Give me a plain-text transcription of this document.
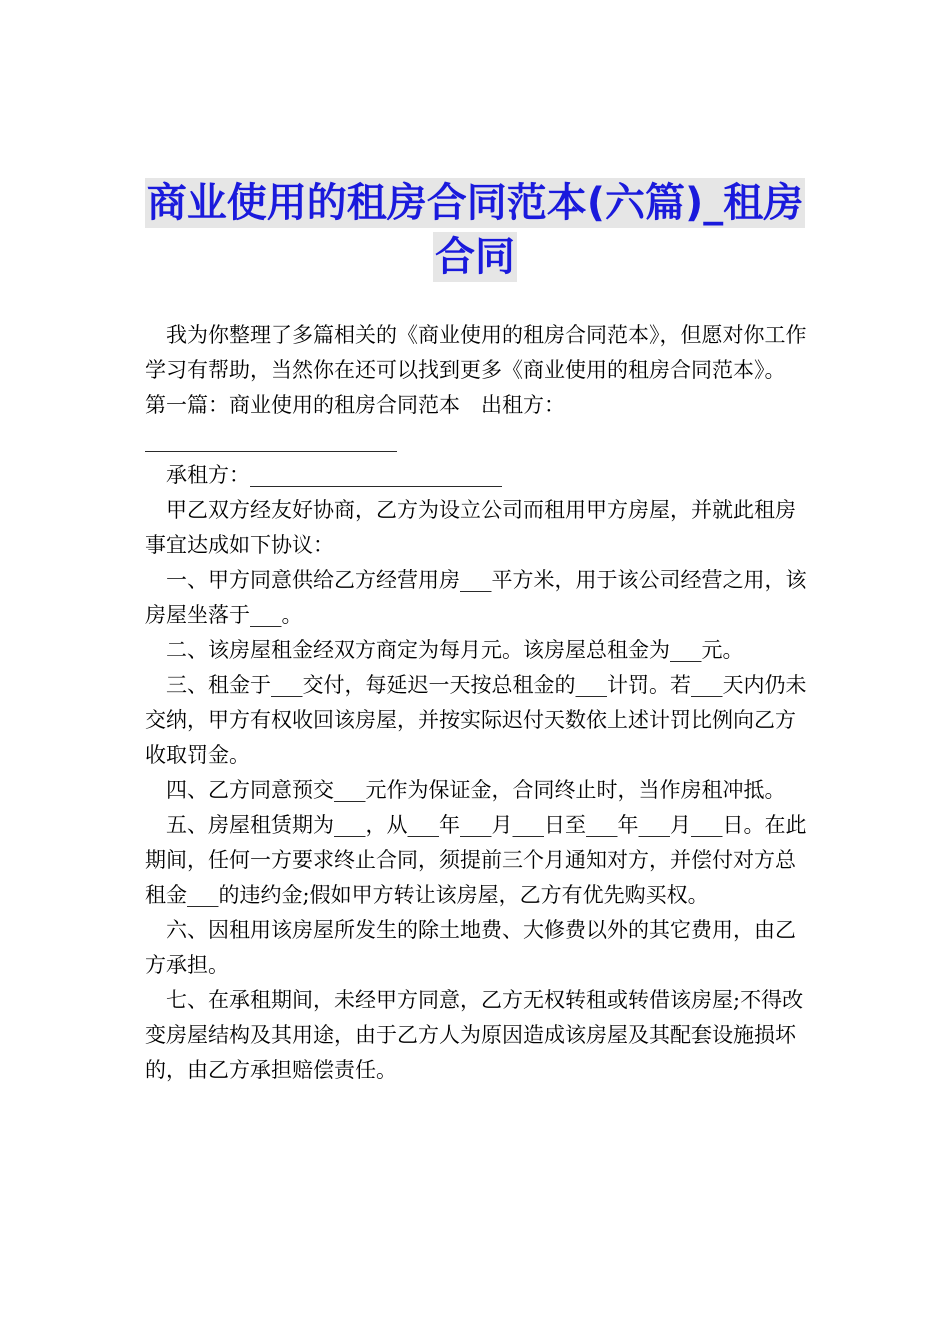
商业使用的租房合同范本(六篇)_租房
合同

我为你整理了多篇相关的《商业使用的租房合同范本》，但愿对你工作学习有帮助，当然你在还可以找到更多《商业使用的租房合同范本》。

第一篇：商业使用的租房合同范本　出租方：________________________

承租方：________________________

甲乙双方经友好协商，乙方为设立公司而租用甲方房屋，并就此租房事宜达成如下协议：

一、甲方同意供给乙方经营用房___平方米，用于该公司经营之用，该房屋坐落于___。

二、该房屋租金经双方商定为每月元。该房屋总租金为___元。

三、租金于___交付，每延迟一天按总租金的___计罚。若___天内仍未交纳，甲方有权收回该房屋，并按实际迟付天数依上述计罚比例向乙方收取罚金。

四、乙方同意预交___元作为保证金，合同终止时，当作房租冲抵。

五、房屋租赁期为___，从___年___月___日至___年___月___日。在此期间，任何一方要求终止合同，须提前三个月通知对方，并偿付对方总租金___的违约金;假如甲方转让该房屋，乙方有优先购买权。

六、因租用该房屋所发生的除土地费、大修费以外的其它费用，由乙方承担。

七、在承租期间，未经甲方同意，乙方无权转租或转借该房屋;不得改变房屋结构及其用途，由于乙方人为原因造成该房屋及其配套设施损坏的，由乙方承担赔偿责任。
